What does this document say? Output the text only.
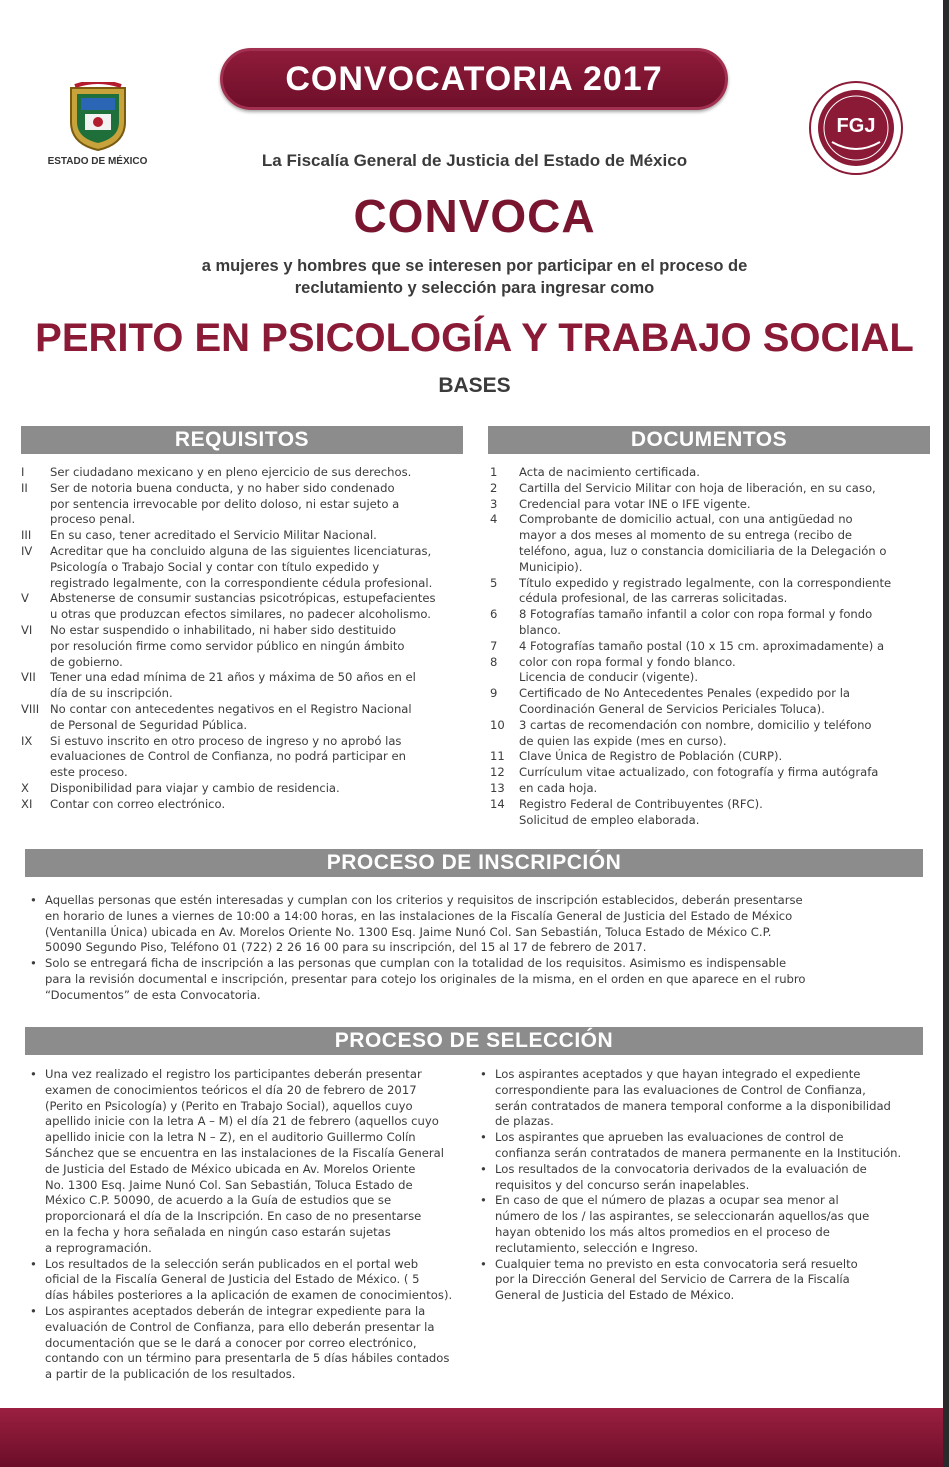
CONVOCATORIA 2017
ESTADO DE MÉXICO
FGJ
La Fiscalía General de Justicia del Estado de México
CONVOCA
a mujeres y hombres que se interesen por participar en el proceso de
reclutamiento y selección para ingresar como
PERITO EN PSICOLOGÍA Y TRABAJO SOCIAL
BASES
REQUISITOS	DOCUMENTOS
I	Ser ciudadano mexicano y en pleno ejercicio de sus derechos.
II	Ser de notoria buena conducta, y no haber sido condenado
por sentencia irrevocable por delito doloso, ni estar sujeto a
proceso penal.
III	En su caso, tener acreditado el Servicio Militar Nacional.
IV	Acreditar que ha concluido alguna de las siguientes licenciaturas,
Psicología o Trabajo Social y contar con título expedido y
registrado legalmente, con la correspondiente cédula profesional.
V	Abstenerse de consumir sustancias psicotrópicas, estupefacientes
u otras que produzcan efectos similares, no padecer alcoholismo.
VI	No estar suspendido o inhabilitado, ni haber sido destituido
por resolución firme como servidor público en ningún ámbito
de gobierno.
VII	Tener una edad mínima de 21 años y máxima de 50 años en el
día de su inscripción.
VIII No contar con antecedentes negativos en el Registro Nacional
de Personal de Seguridad Pública.
IX	Si estuvo inscrito en otro proceso de ingreso y no aprobó las
evaluaciones de Control de Confianza, no podrá participar en
este proceso.
X	Disponibilidad para viajar y cambio de residencia.
XI	Contar con correo electrónico.
1	Acta de nacimiento certificada.
2	Cartilla del Servicio Militar con hoja de liberación, en su caso,
3	Credencial para votar INE o IFE vigente.
4	Comprobante de domicilio actual, con una antigüedad no
mayor a dos meses al momento de su entrega (recibo de
teléfono, agua, luz o constancia domiciliaria de la Delegación o
Municipio).
5	Título expedido y registrado legalmente, con la correspondiente
cédula profesional, de las carreras solicitadas.
6	8 Fotografías tamaño infantil a color con ropa formal y fondo
blanco.
7	4 Fotografías tamaño postal (10 x 15 cm. aproximadamente) a
8	color con ropa formal y fondo blanco.
Licencia de conducir (vigente).
9	Certificado de No Antecedentes Penales (expedido por la
Coordinación General de Servicios Periciales Toluca).
10	3 cartas de recomendación con nombre, domicilio y teléfono
de quien las expide (mes en curso).
11	Clave Única de Registro de Población (CURP).
12	Currículum vitae actualizado, con fotografía y firma autógrafa
13	en cada hoja.
14	Registro Federal de Contribuyentes (RFC).
Solicitud de empleo elaborada.
PROCESO DE INSCRIPCIÓN
• Aquellas personas que estén interesadas y cumplan con los criterios y requisitos de inscripción establecidos, deberán presentarse
en horario de lunes a viernes de 10:00 a 14:00 horas, en las instalaciones de la Fiscalía General de Justicia del Estado de México
(Ventanilla Única) ubicada en Av. Morelos Oriente No. 1300 Esq. Jaime Nunó Col. San Sebastián, Toluca Estado de México C.P.
50090 Segundo Piso, Teléfono 01 (722) 2 26 16 00 para su inscripción, del 15 al 17 de febrero de 2017.
• Solo se entregará ficha de inscripción a las personas que cumplan con la totalidad de los requisitos. Asimismo es indispensable
para la revisión documental e inscripción, presentar para cotejo los originales de la misma, en el orden en que aparece en el rubro
“Documentos” de esta Convocatoria.
PROCESO DE SELECCIÓN
• Una vez realizado el registro los participantes deberán presentar
examen de conocimientos teóricos el día 20 de febrero de 2017
(Perito en Psicología) y (Perito en Trabajo Social), aquellos cuyo
apellido inicie con la letra A – M) el día 21 de febrero (aquellos cuyo
apellido inicie con la letra N – Z), en el auditorio Guillermo Colín
Sánchez que se encuentra en las instalaciones de la Fiscalía General
de Justicia del Estado de México ubicada en Av. Morelos Oriente
No. 1300 Esq. Jaime Nunó Col. San Sebastián, Toluca Estado de
México C.P. 50090, de acuerdo a la Guía de estudios que se
proporcionará el día de la Inscripción. En caso de no presentarse
en la fecha y hora señalada en ningún caso estarán sujetas
a reprogramación.
• Los resultados de la selección serán publicados en el portal web
oficial de la Fiscalía General de Justicia del Estado de México. ( 5
días hábiles posteriores a la aplicación de examen de conocimientos).
• Los aspirantes aceptados deberán de integrar expediente para la
evaluación de Control de Confianza, para ello deberán presentar la
documentación que se le dará a conocer por correo electrónico,
contando con un término para presentarla de 5 días hábiles contados
a partir de la publicación de los resultados.
• Los aspirantes aceptados y que hayan integrado el expediente
correspondiente para las evaluaciones de Control de Confianza,
serán contratados de manera temporal conforme a la disponibilidad
de plazas.
• Los aspirantes que aprueben las evaluaciones de control de
confianza serán contratados de manera permanente en la Institución.
• Los resultados de la convocatoria derivados de la evaluación de
requisitos y del concurso serán inapelables.
• En caso de que el número de plazas a ocupar sea menor al
número de los / las aspirantes, se seleccionarán aquellos/as que
hayan obtenido los más altos promedios en el proceso de
reclutamiento, selección e Ingreso.
• Cualquier tema no previsto en esta convocatoria será resuelto
por la Dirección General del Servicio de Carrera de la Fiscalía
General de Justicia del Estado de México.
